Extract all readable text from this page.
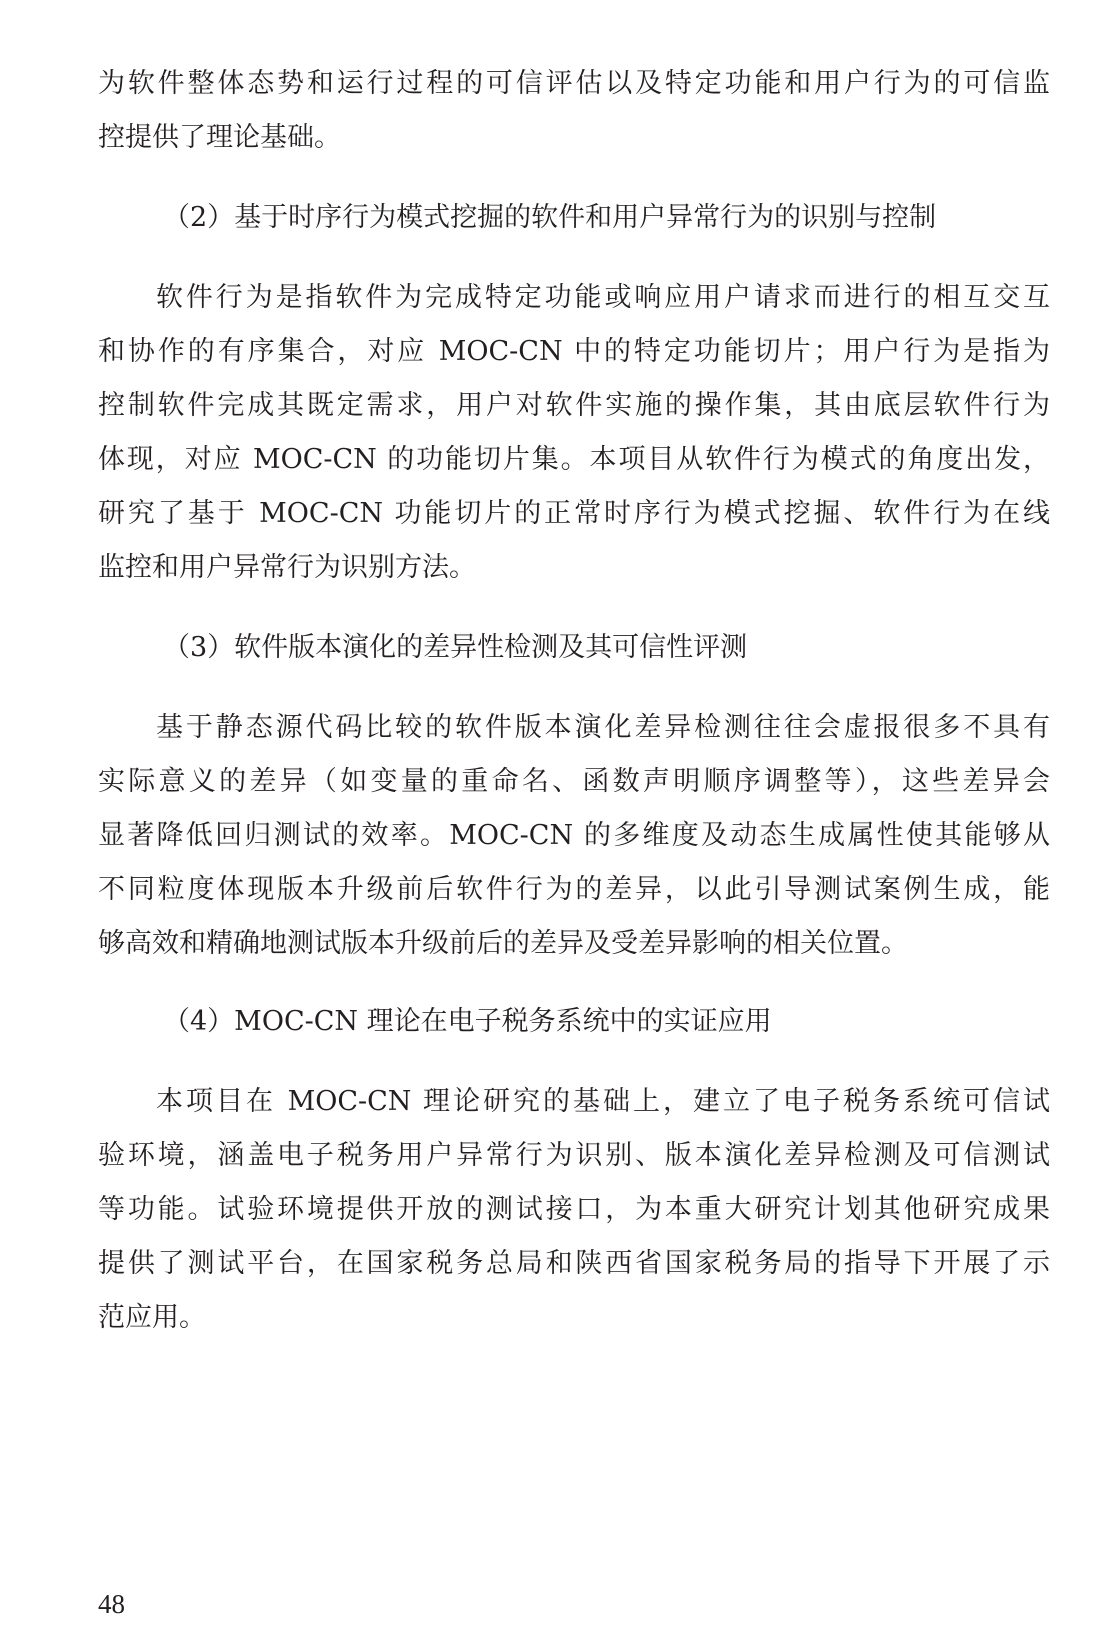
为软件整体态势和运行过程的可信评估以及特定功能和用户行为的可信监
控提供了理论基础。
（2）基于时序行为模式挖掘的软件和用户异常行为的识别与控制
软件行为是指软件为完成特定功能或响应用户请求而进行的相互交互
和协作的有序集合，对应 MOC-CN 中的特定功能切片；用户行为是指为
控制软件完成其既定需求，用户对软件实施的操作集，其由底层软件行为
体现，对应 MOC-CN 的功能切片集。本项目从软件行为模式的角度出发，
研究了基于 MOC-CN 功能切片的正常时序行为模式挖掘、软件行为在线
监控和用户异常行为识别方法。
（3）软件版本演化的差异性检测及其可信性评测
基于静态源代码比较的软件版本演化差异检测往往会虚报很多不具有
实际意义的差异（如变量的重命名、函数声明顺序调整等），这些差异会
显著降低回归测试的效率。MOC-CN 的多维度及动态生成属性使其能够从
不同粒度体现版本升级前后软件行为的差异，以此引导测试案例生成，能
够高效和精确地测试版本升级前后的差异及受差异影响的相关位置。
（4）MOC-CN 理论在电子税务系统中的实证应用
本项目在 MOC-CN 理论研究的基础上，建立了电子税务系统可信试
验环境，涵盖电子税务用户异常行为识别、版本演化差异检测及可信测试
等功能。试验环境提供开放的测试接口，为本重大研究计划其他研究成果
提供了测试平台，在国家税务总局和陕西省国家税务局的指导下开展了示
范应用。
48
